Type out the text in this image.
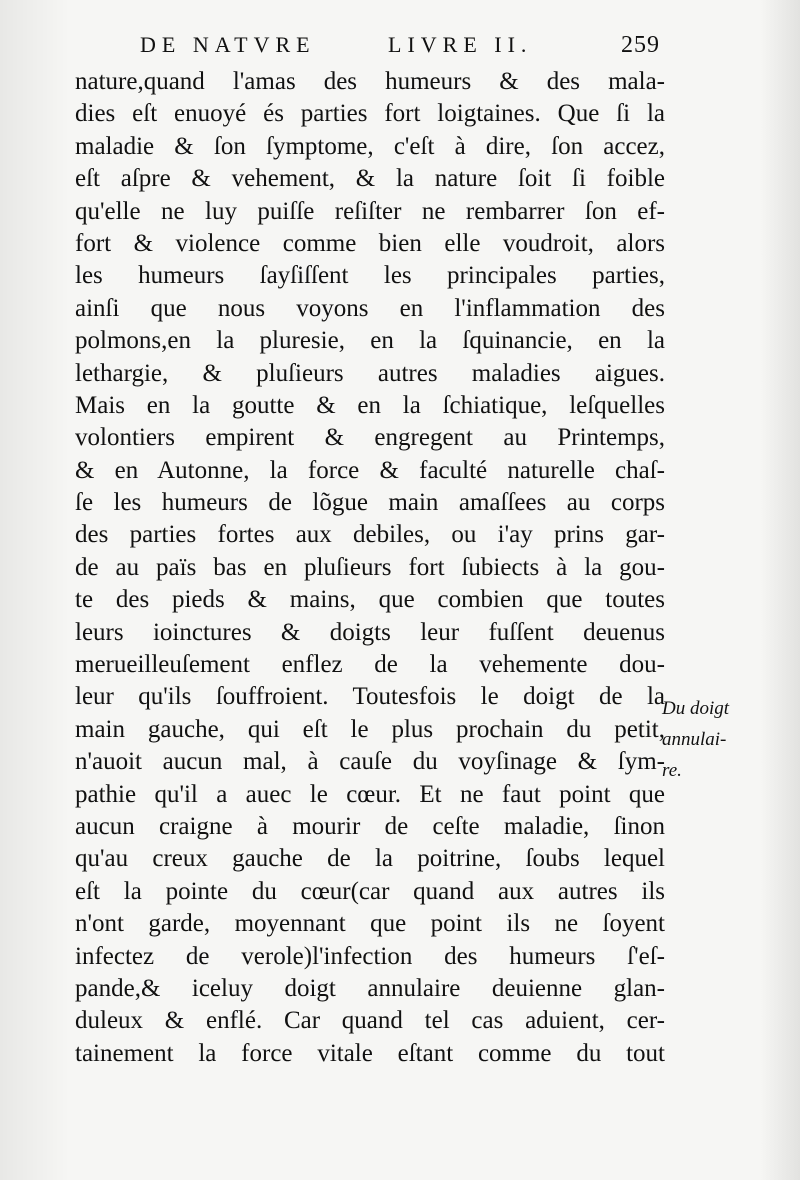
DE NATVRE	LIVRE II.	259
nature,quand l'amas des humeurs & des mala-
dies eſt enuoyé és parties fort loigtaines. Que ſi la
maladie & ſon ſymptome, c'eſt à dire, ſon accez,
eſt aſpre & vehement, & la nature ſoit ſi foible
qu'elle ne luy puiſſe reſiſter ne rembarrer ſon ef-
fort & violence comme bien elle voudroit, alors
les humeurs ſayſiſſent les principales parties,
ainſi que nous voyons en l'inflammation des
polmons,en la pluresie, en la ſquinancie, en la
lethargie, & pluſieurs autres maladies aigues.
Mais en la goutte & en la ſchiatique, leſquelles
volontiers empirent & engregent au Printemps,
& en Autonne, la force & faculté naturelle chaſ-
ſe les humeurs de lõgue main amaſſees au corps
des parties fortes aux debiles, ou i'ay prins gar-
de au païs bas en pluſieurs fort ſubiects à la gou-
te des pieds & mains, que combien que toutes
leurs ioinctures & doigts leur fuſſent deuenus
merueilleuſement enflez de la vehemente dou-
leur qu'ils ſouffroient. Toutesfois le doigt de la
main gauche, qui eſt le plus prochain du petit,
n'auoit aucun mal, à cauſe du voyſinage & ſym-
pathie qu'il a auec le cœur. Et ne faut point que
aucun craigne à mourir de ceſte maladie, ſinon
qu'au creux gauche de la poitrine, ſoubs lequel
eſt la pointe du cœur(car quand aux autres ils
n'ont garde, moyennant que point ils ne ſoyent
infectez de verole)l'infection des humeurs ſ'eſ-
pande,& iceluy doigt annulaire deuienne glan-
duleux & enflé. Car quand tel cas aduient, cer-
tainement la force vitale eſtant comme du tout
Du doigt
annulai-
re.
